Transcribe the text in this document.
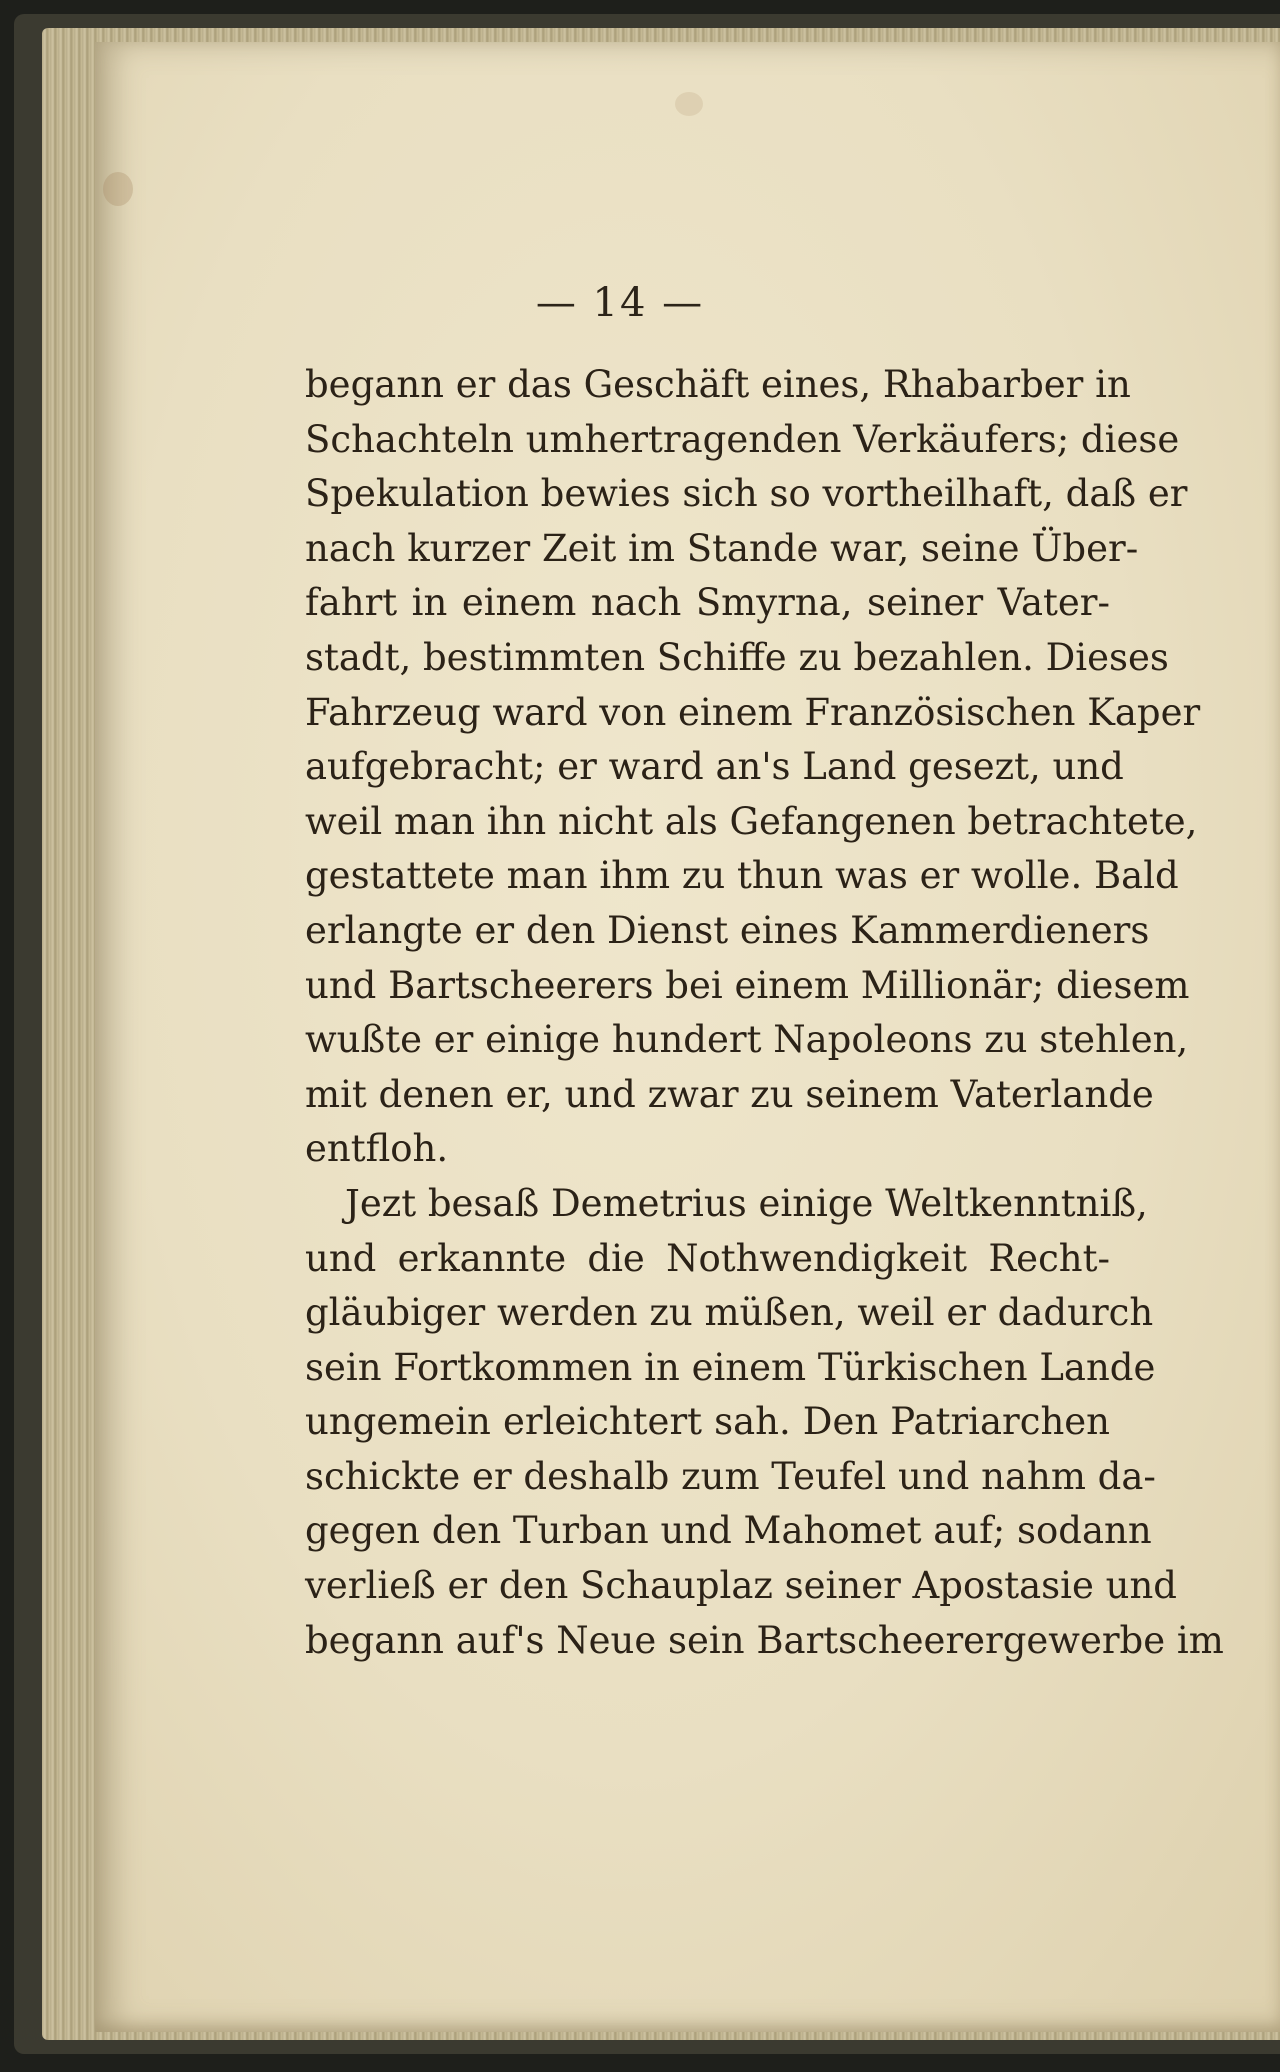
— 14 —
begann er das Geschäft eines, Rhabarber in
Schachteln umhertragenden Verkäufers; diese
Spekulation bewies sich so vortheilhaft, daß er
nach kurzer Zeit im Stande war, seine Über-
fahrt in einem nach Smyrna, seiner Vater-
stadt, bestimmten Schiffe zu bezahlen. Dieses
Fahrzeug ward von einem Französischen Kaper
aufgebracht; er ward an's Land gesezt, und
weil man ihn nicht als Gefangenen betrachtete,
gestattete man ihm zu thun was er wolle. Bald
erlangte er den Dienst eines Kammerdieners
und Bartscheerers bei einem Millionär; diesem
wußte er einige hundert Napoleons zu stehlen,
mit denen er, und zwar zu seinem Vaterlande
entfloh.
Jezt besaß Demetrius einige Weltkenntniß,
und erkannte die Nothwendigkeit Recht-
gläubiger werden zu müßen, weil er dadurch
sein Fortkommen in einem Türkischen Lande
ungemein erleichtert sah. Den Patriarchen
schickte er deshalb zum Teufel und nahm da-
gegen den Turban und Mahomet auf; sodann
verließ er den Schauplaz seiner Apostasie und
begann auf's Neue sein Bartscheerergewerbe im
